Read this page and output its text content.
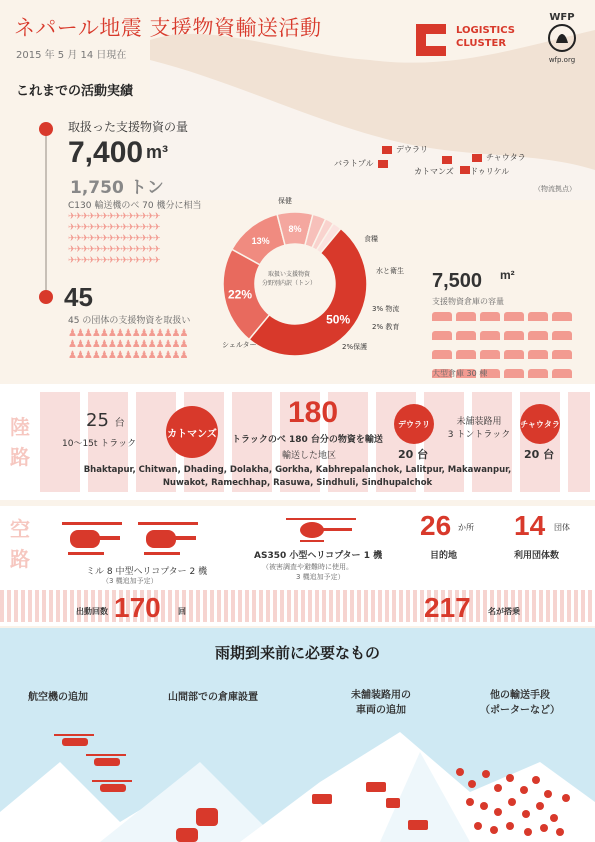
ネパール地震 支援物資輸送活動
2015 年 5 月 14 日現在
LOGISTICS
CLUSTER
WFP
wfp.org
これまでの活動実績
取扱った支援物資の量
7,400 m³
1,750 トン
C130 輸送機のべ 70 機分に相当
✈✈✈✈✈✈✈✈✈✈✈✈✈✈
✈✈✈✈✈✈✈✈✈✈✈✈✈✈
✈✈✈✈✈✈✈✈✈✈✈✈✈✈
✈✈✈✈✈✈✈✈✈✈✈✈✈✈
✈✈✈✈✈✈✈✈✈✈✈✈✈✈
45
45 の団体の支援物資を取扱い
♟♟♟♟♟♟♟♟♟♟♟♟♟♟♟
♟♟♟♟♟♟♟♟♟♟♟♟♟♟♟
♟♟♟♟♟♟♟♟♟♟♟♟♟♟♟
デウラリ
チャウタラ
バラトプル
カトマンズ ドゥリケル
（物流拠点）
22%
13%
8%
50%
取扱い支援物資
分野別内訳（トン）
保健
食糧
水と衛生
3% 物流
2% 教育
2%保護
シェルター
7,500 m²
支援物資倉庫の容量
大型倉庫 30 棟
陸
路
25 台
10～15t トラック
カトマンズ
180
トラックのべ 180 台分の物資を輸送
輸送した地区
デウラリ
20 台
未舗装路用
3 トントラック
チャウタラ
20 台
Bhaktapur, Chitwan, Dhading, Dolakha, Gorkha, Kabhrepalanchok, Lalitpur, Makawanpur,
Nuwakot, Ramechhap, Rasuwa, Sindhuli, Sindhupalchok
空
路
ミル 8 中型ヘリコプター 2 機
（3 機追加予定）
AS350 小型ヘリコプター 1 機
（被害調査や避難時に使用。
3 機追加予定）
26 か所
目的地
14 団体
利用団体数
出動回数 170 回	217 名が搭乗
雨期到来前に必要なもの
航空機の追加	山間部での倉庫設置	未舗装路用の
車両の追加
他の輸送手段
（ポーターなど）
